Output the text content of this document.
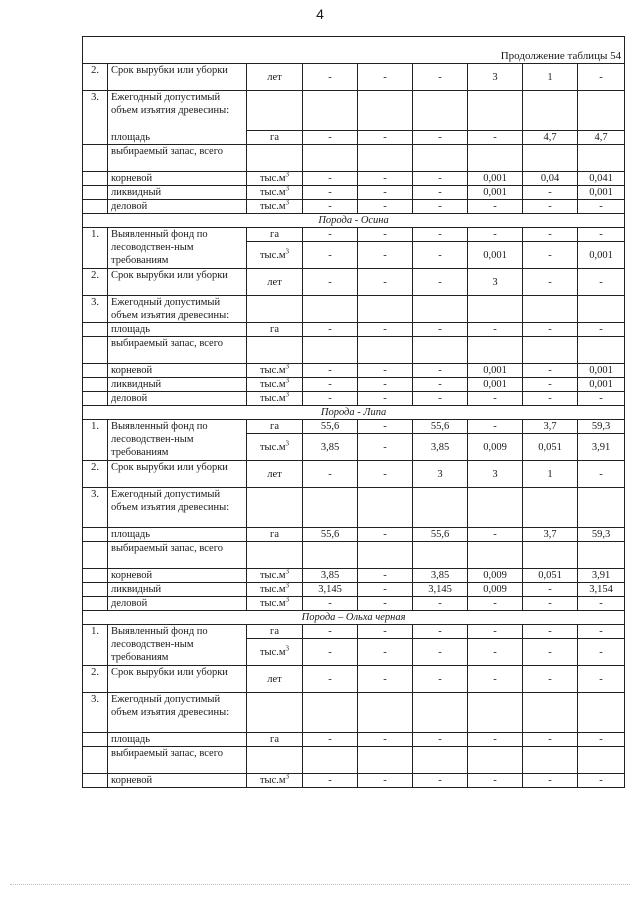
4
Продолжение таблицы 54									
2.	Срок вырубки или уборки	лет	-	-	-	3	1	-	
3.	Ежегодный допустимый объем изъятия древесины:								
	площадь	га	-	-	-	-	4,7	4,7	
	выбираемый запас, всего								
	корневой	$тыс.м^3$	-	-	-	0,001	0,04	0,041	
	ликвидный	$тыс.м^3$	-	-	-	0,001	-	0,001	
	деловой	$тыс.м^3$	-	-	-	-	-	-	
Порода - Осина									
1.	Выявленный фонд по лесоводствен-ным требованиям	га	-	-	-	-	-	-	
		$тыс.м^3$	-	-	-	0,001	-	0,001	
2.	Срок вырубки или уборки	лет	-	-	-	3	-	-	
3.	Ежегодный допустимый объем изъятия древесины:								
	площадь	га	-	-	-	-	-	-	
	выбираемый запас, всего								
	корневой	$тыс.м^3$	-	-	-	0,001	-	0,001	
	ликвидный	$тыс.м^3$	-	-	-	0,001	-	0,001	
	деловой	$тыс.м^3$	-	-	-	-	-	-	
Порода - Липа									
1.	Выявленный фонд по лесоводствен-ным требованиям	га	55,6	-	55,6	-	3,7	59,3	
		$тыс.м^3$	3,85	-	3,85	0,009	0,051	3,91	
2.	Срок вырубки или уборки	лет	-	-	3	3	1	-	
3.	Ежегодный допустимый объем изъятия древесины:								
	площадь	га	55,6	-	55,6	-	3,7	59,3	
	выбираемый запас, всего								
	корневой	$тыс.м^3$	3,85	-	3,85	0,009	0,051	3,91	
	ликвидный	$тыс.м^3$	3,145	-	3,145	0,009	-	3,154	
	деловой	$тыс.м^3$	-	-	-	-	-	-	
Порода – Ольха черная									
1.	Выявленный фонд по лесоводствен-ным требованиям	га	-	-	-	-	-	-	
		$тыс.м^3$	-	-	-	-	-	-	
2.	Срок вырубки или уборки	лет	-	-	-	-	-	-	
3.	Ежегодный допустимый объем изъятия древесины:								
	площадь	га	-	-	-	-	-	-	
	выбираемый запас, всего								
	корневой	$тыс.м^3$	-	-	-	-	-	-	
